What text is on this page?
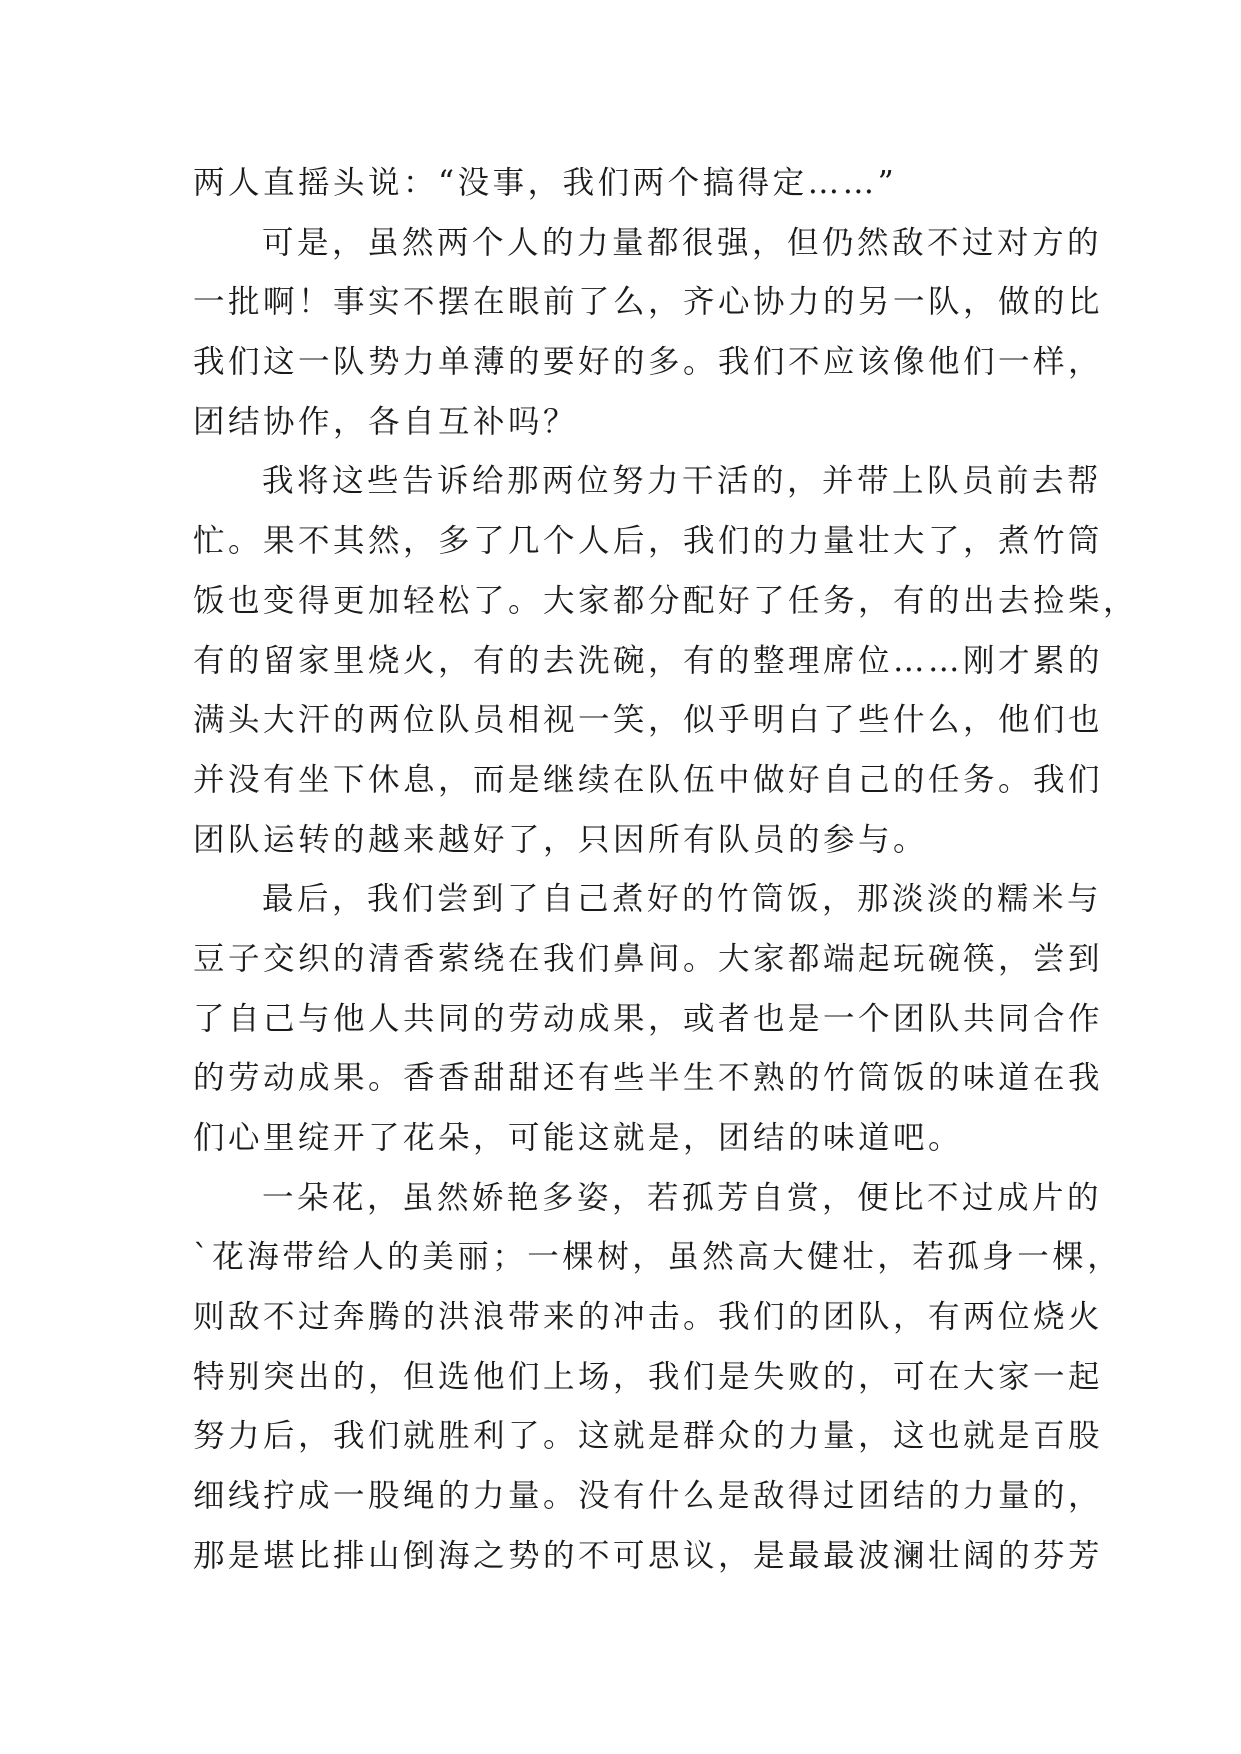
两人直摇头说：“没事，我们两个搞得定……”
可是，虽然两个人的力量都很强，但仍然敌不过对方的
一批啊！事实不摆在眼前了么，齐心协力的另一队，做的比
我们这一队势力单薄的要好的多。我们不应该像他们一样，
团结协作，各自互补吗？
我将这些告诉给那两位努力干活的，并带上队员前去帮
忙。果不其然，多了几个人后，我们的力量壮大了，煮竹筒
饭也变得更加轻松了。大家都分配好了任务，有的出去捡柴，
有的留家里烧火，有的去洗碗，有的整理席位……刚才累的
满头大汗的两位队员相视一笑，似乎明白了些什么，他们也
并没有坐下休息，而是继续在队伍中做好自己的任务。我们
团队运转的越来越好了，只因所有队员的参与。
最后，我们尝到了自己煮好的竹筒饭，那淡淡的糯米与
豆子交织的清香萦绕在我们鼻间。大家都端起玩碗筷，尝到
了自己与他人共同的劳动成果，或者也是一个团队共同合作
的劳动成果。香香甜甜还有些半生不熟的竹筒饭的味道在我
们心里绽开了花朵，可能这就是，团结的味道吧。
一朵花，虽然娇艳多姿，若孤芳自赏，便比不过成片的
`花海带给人的美丽；一棵树，虽然高大健壮，若孤身一棵，
则敌不过奔腾的洪浪带来的冲击。我们的团队，有两位烧火
特别突出的，但选他们上场，我们是失败的，可在大家一起
努力后，我们就胜利了。这就是群众的力量，这也就是百股
细线拧成一股绳的力量。没有什么是敌得过团结的力量的，
那是堪比排山倒海之势的不可思议，是最最波澜壮阔的芬芳
